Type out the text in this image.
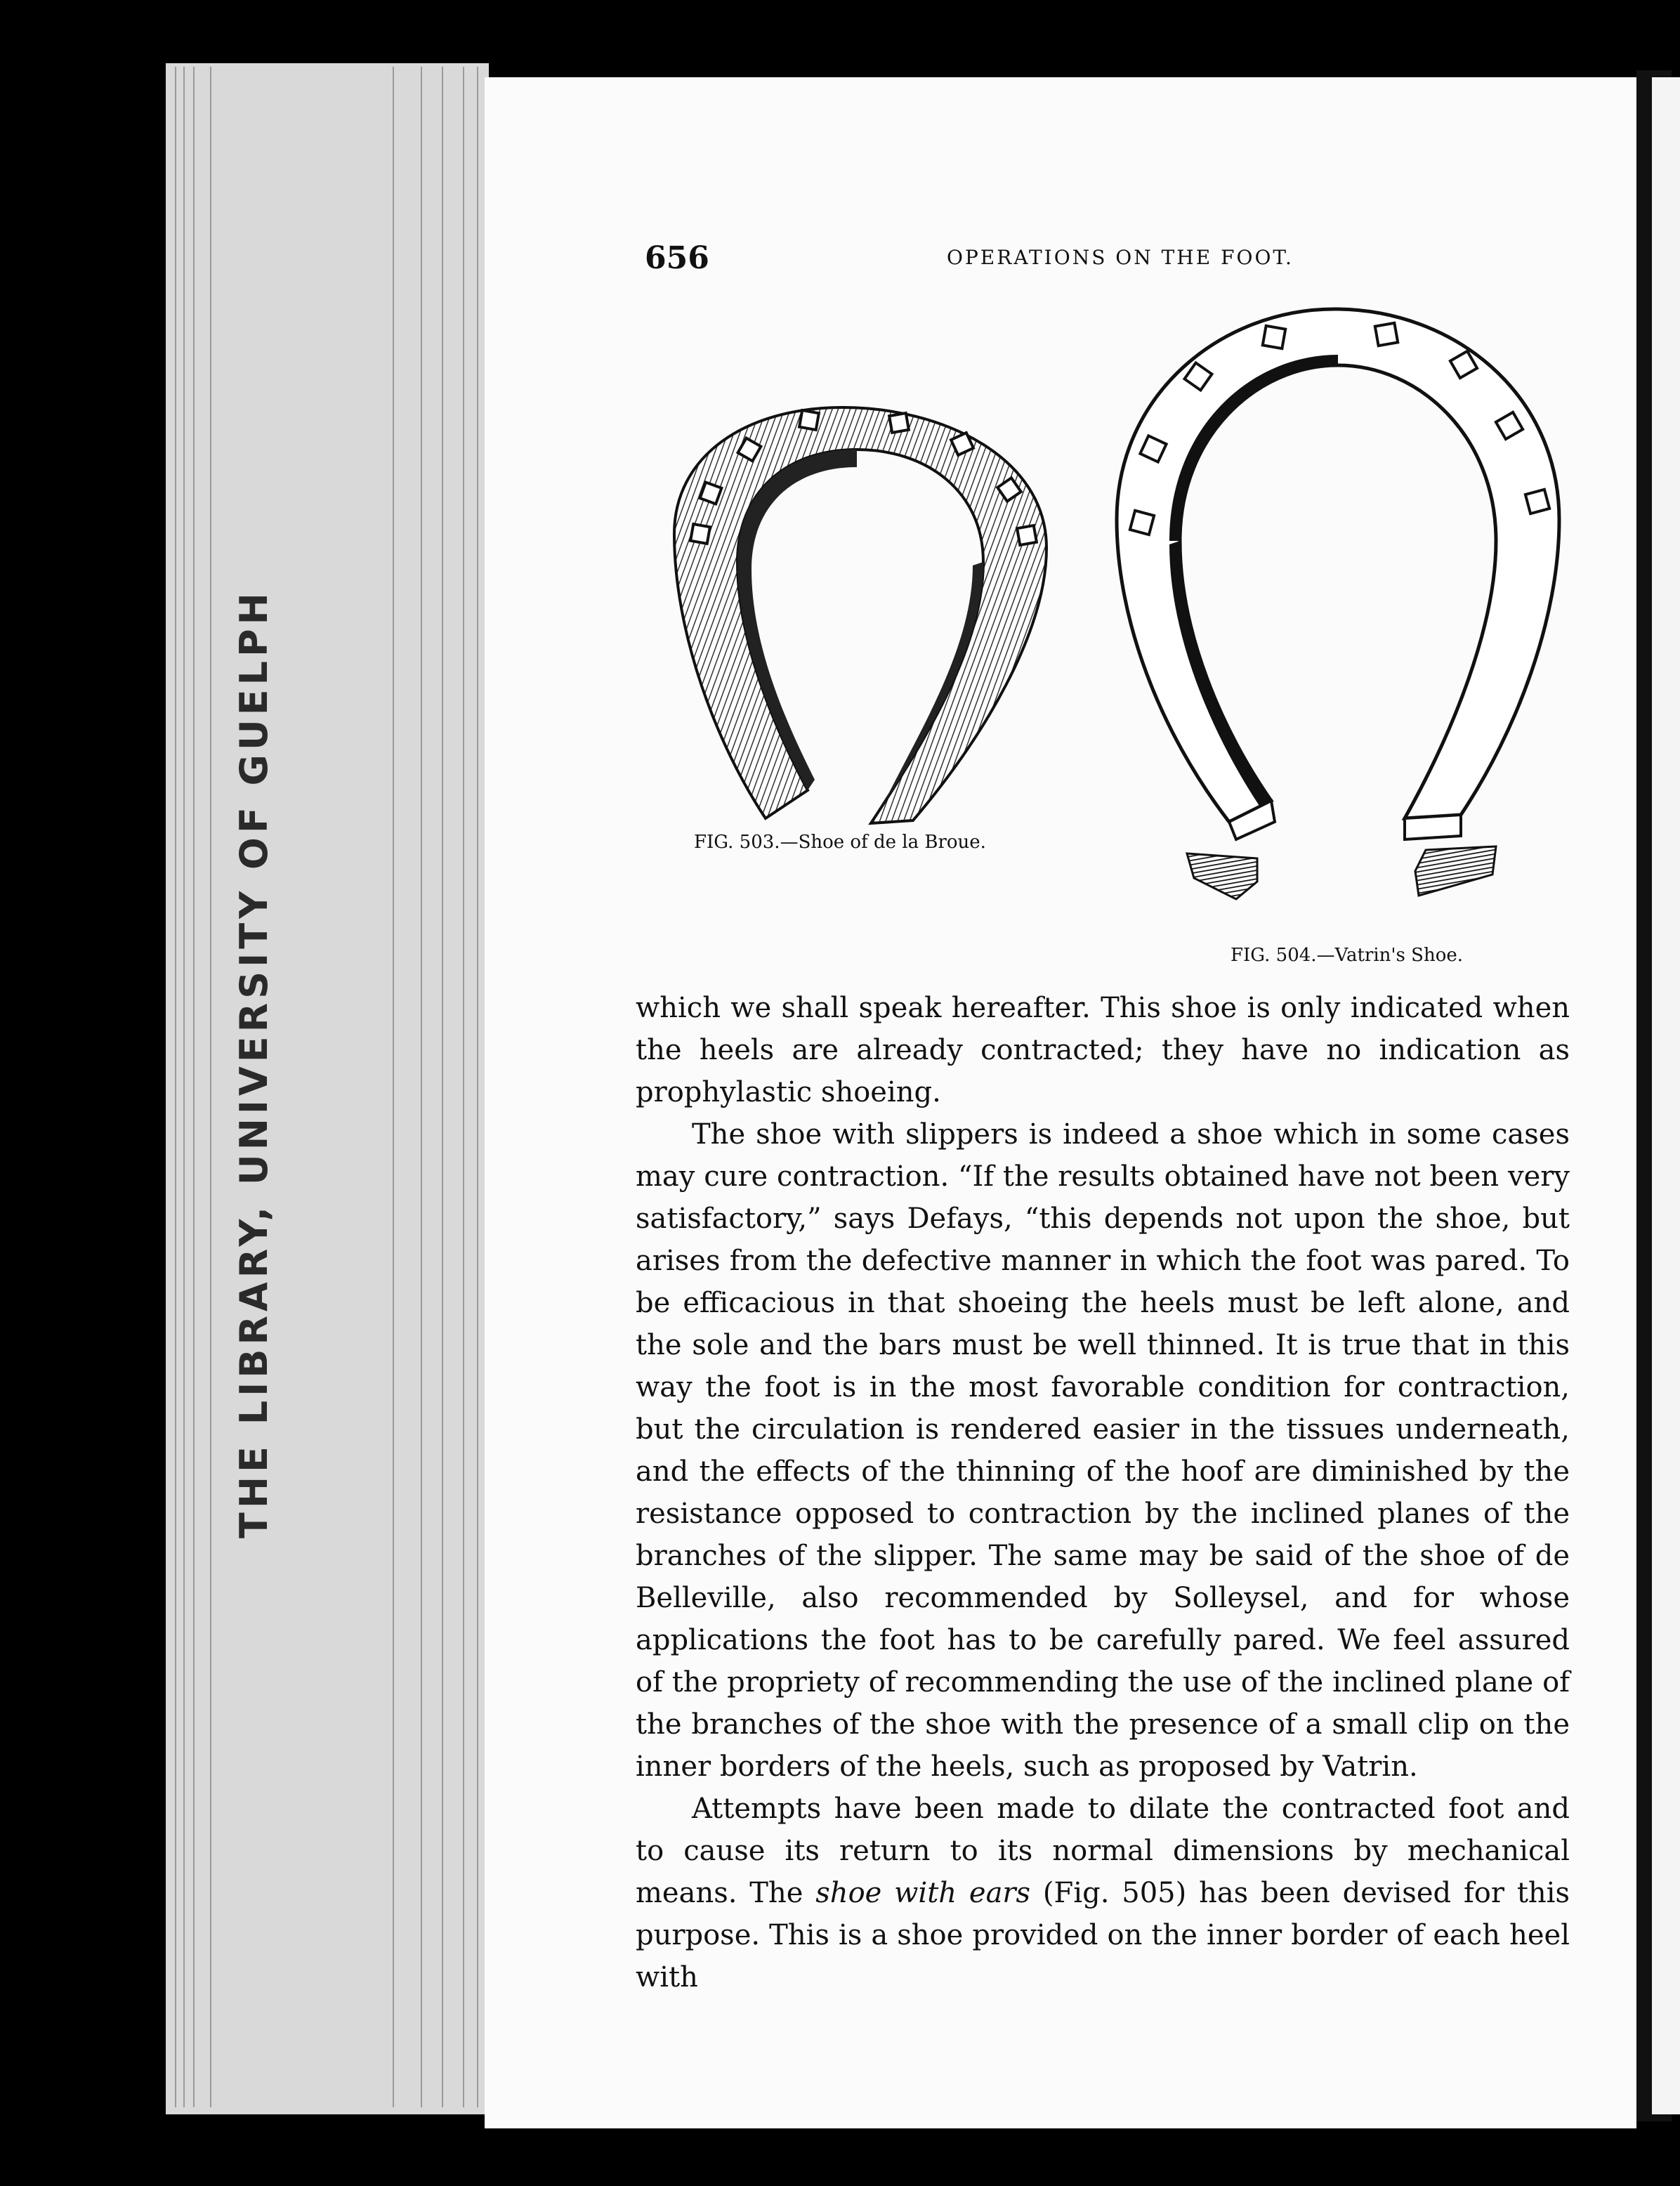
THE LIBRARY, UNIVERSITY OF GUELPH
656	OPERATIONS ON THE FOOT.
FIG. 503.—Shoe of de la Broue.
FIG. 504.—Vatrin's Shoe.

which we shall speak hereafter. This shoe is only indicated when the heels are already contracted; they have no indication as prophylastic shoeing.

The shoe with slippers is indeed a shoe which in some cases may cure contraction. “If the results obtained have not been very satisfactory,” says Defays, “this depends not upon the shoe, but arises from the defective manner in which the foot was pared. To be efficacious in that shoeing the heels must be left alone, and the sole and the bars must be well thinned. It is true that in this way the foot is in the most favorable condition for contraction, but the circulation is rendered easier in the tissues underneath, and the effects of the thinning of the hoof are diminished by the resistance opposed to contraction by the inclined planes of the branches of the slipper. The same may be said of the shoe of de Belleville, also recommended by Solleysel, and for whose applications the foot has to be carefully pared. We feel assured of the propriety of recommending the use of the inclined plane of the branches of the shoe with the presence of a small clip on the inner borders of the heels, such as proposed by Vatrin.

Attempts have been made to dilate the contracted foot and to cause its return to its normal dimensions by mechanical means. The shoe with ears (Fig. 505) has been devised for this purpose. This is a shoe provided on the inner border of each heel with
